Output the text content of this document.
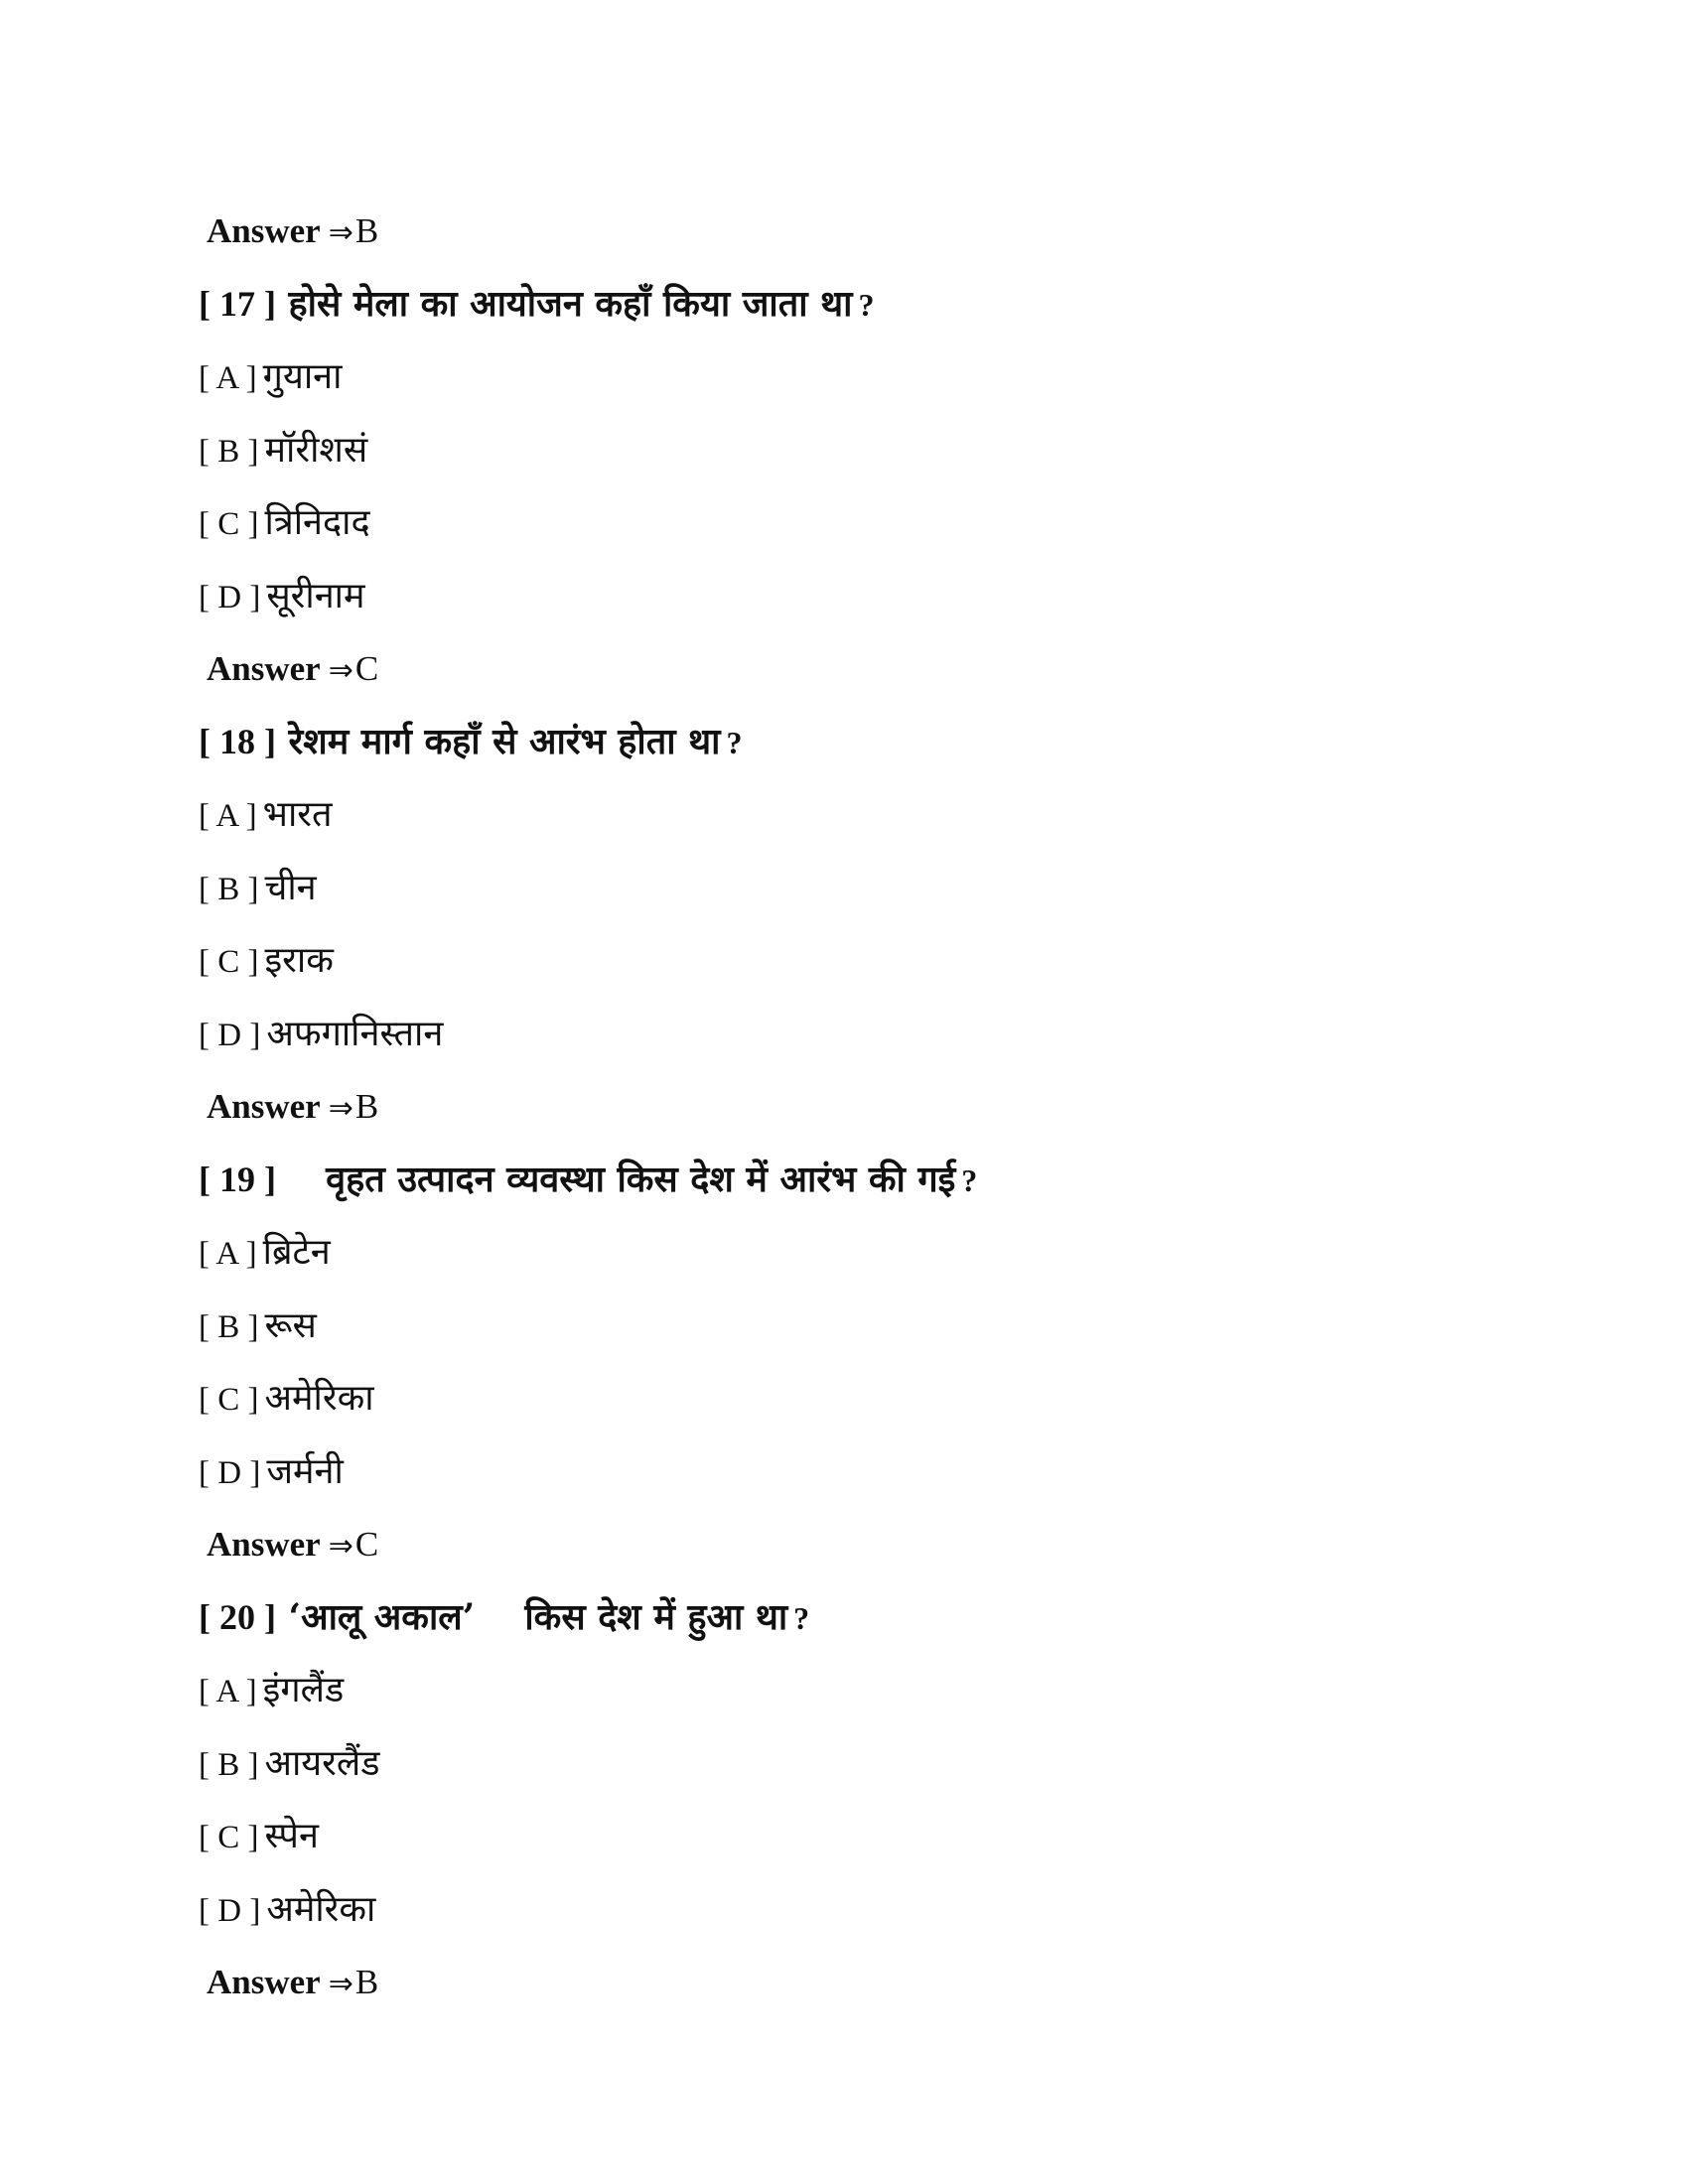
Answer ⇒B
[ 17 ] होसे मेला का आयोजन कहाँ किया जाता था ?
[ A ] गुयाना
[ B ] मॉरीशसं
[ C ] त्रिनिदाद
[ D ] सूरीनाम
Answer ⇒C
[ 18 ] रेशम मार्ग कहाँ से आरंभ होता था ?
[ A ] भारत
[ B ] चीन
[ C ] इराक
[ D ] अफगानिस्तान
Answer ⇒B
[ 19 ]    वृहत उत्पादन व्यवस्था किस देश में आरंभ की गई ?
[ A ] ब्रिटेन
[ B ] रूस
[ C ] अमेरिका
[ D ] जर्मनी
Answer ⇒C
[ 20 ] ‘आलू अकाल’    किस देश में हुआ था ?
[ A ] इंगलैंड
[ B ] आयरलैंड
[ C ] स्पेन
[ D ] अमेरिका
Answer ⇒B
